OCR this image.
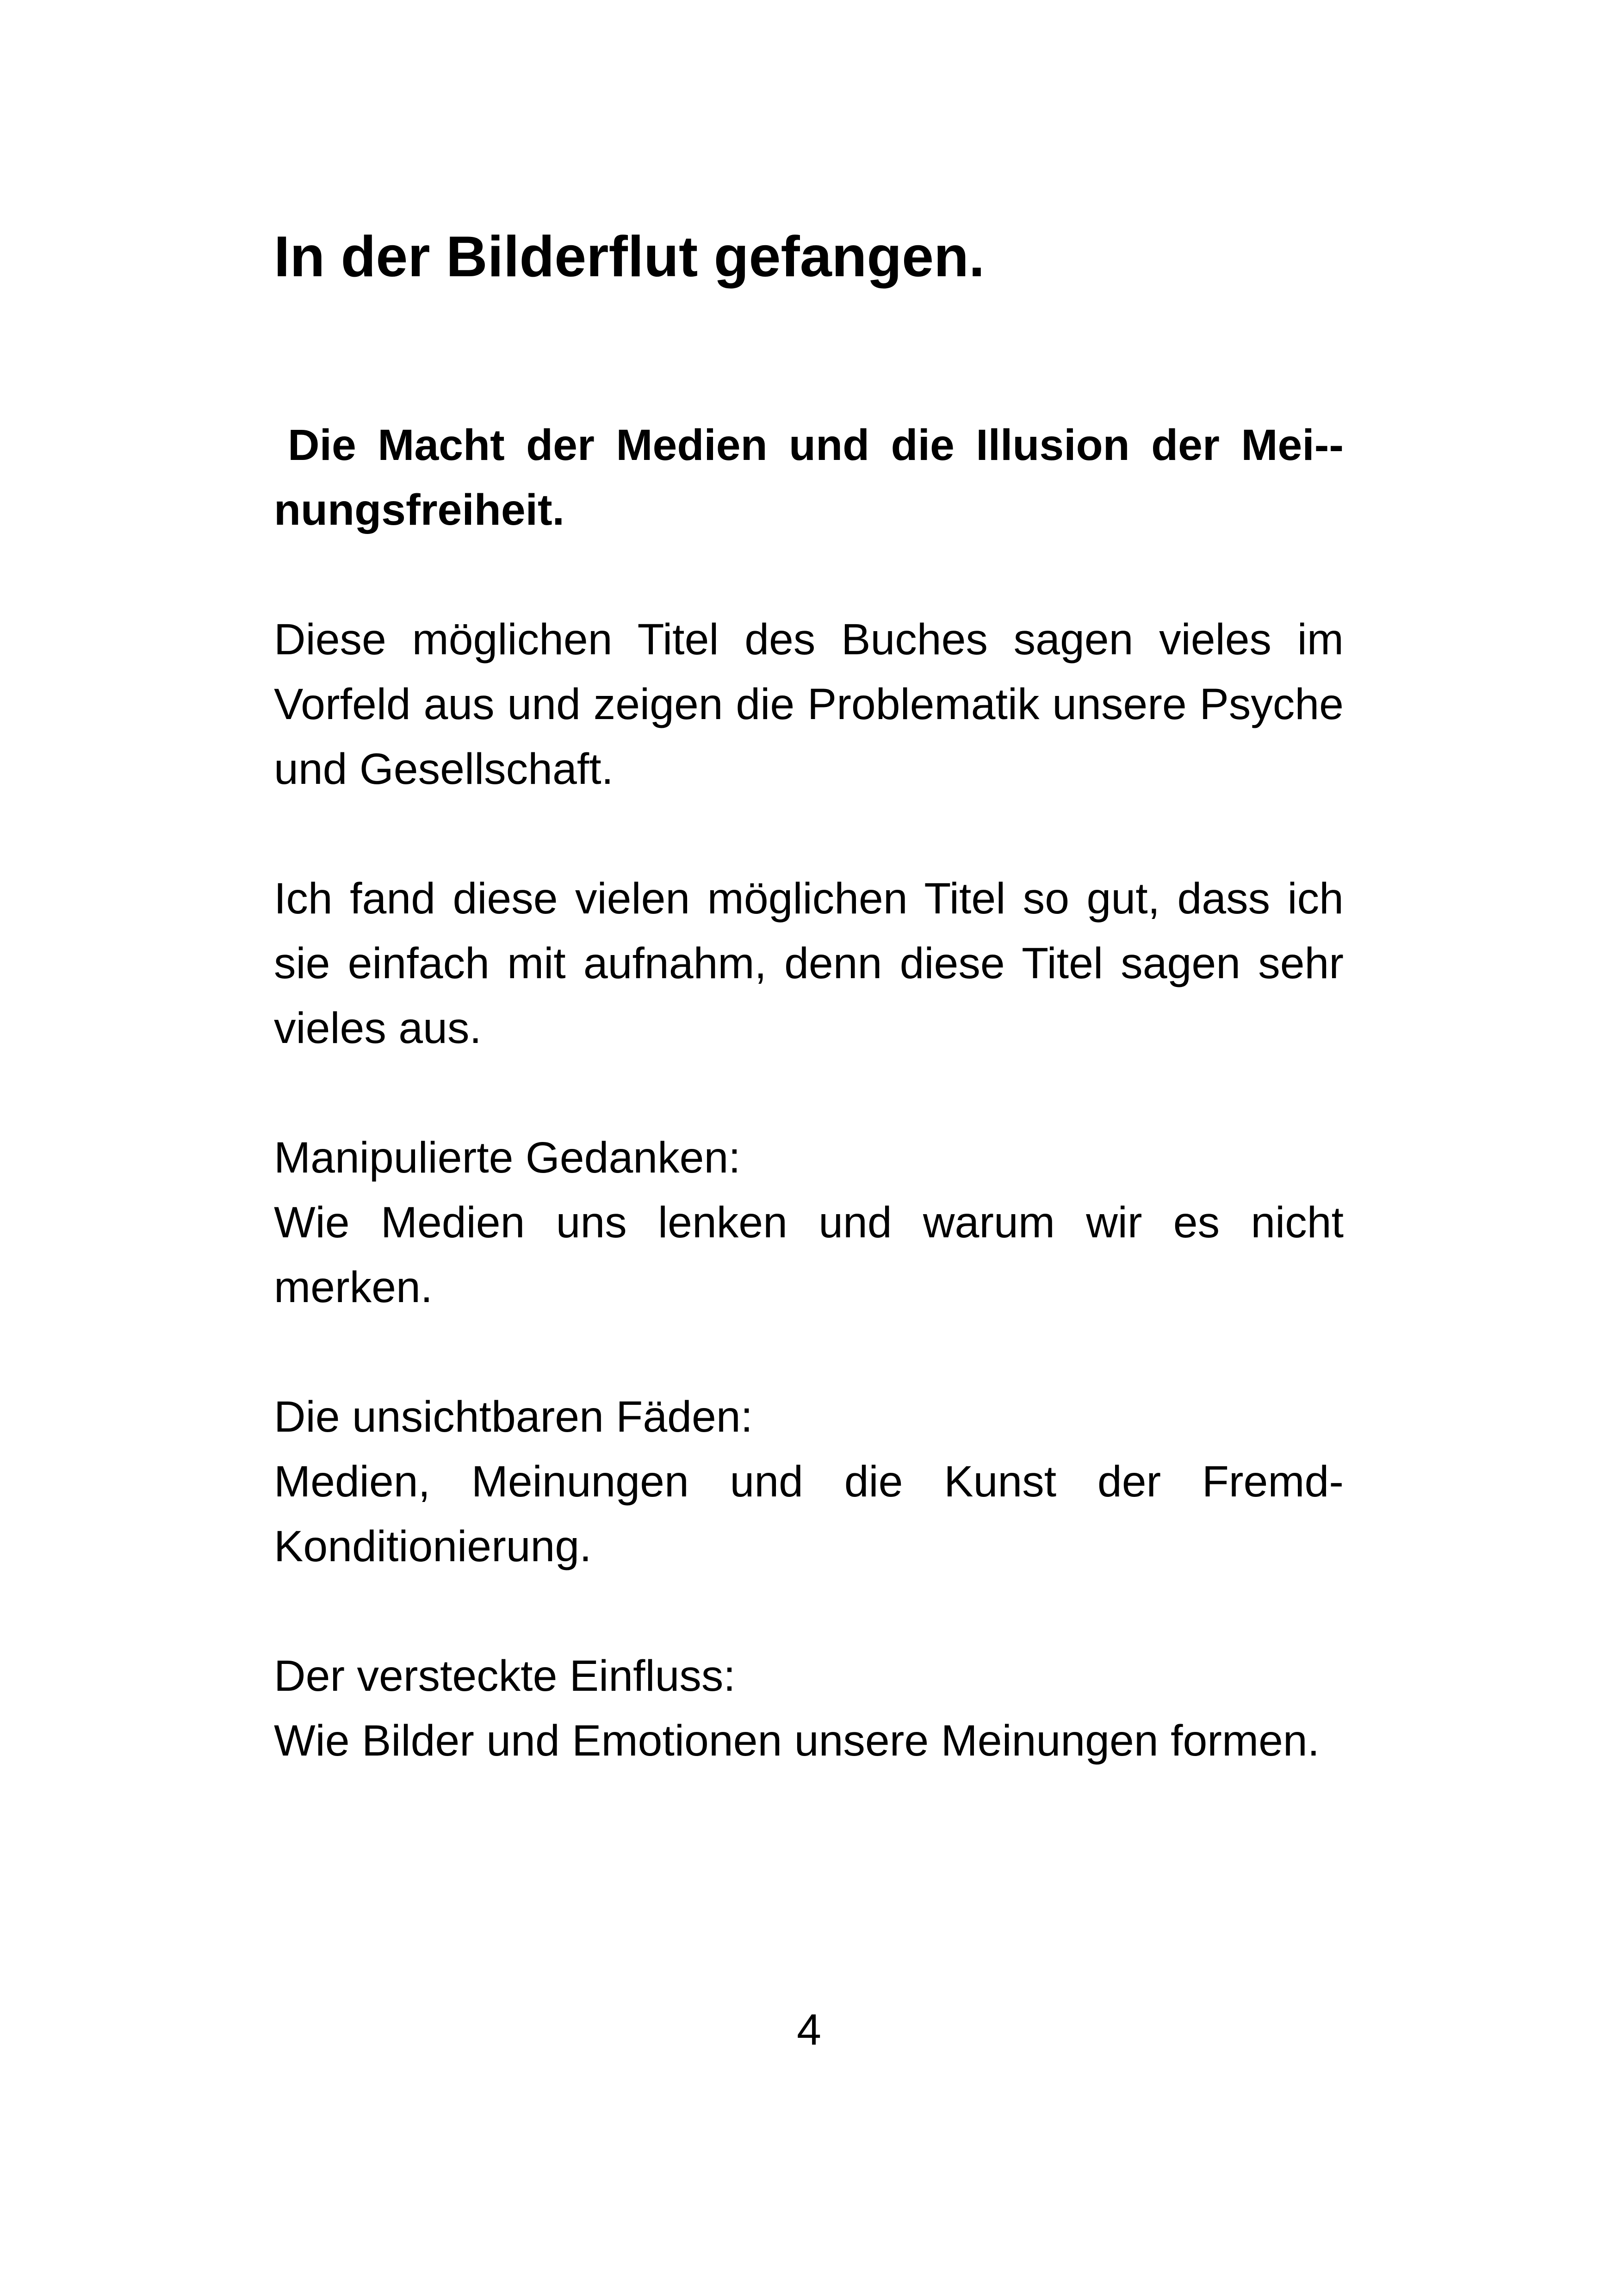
In der Bilderflut gefangen.

Die Macht der Medien und die Illusion der Mei-nungsfreiheit.

Diese möglichen Titel des Buches sagen vieles im Vorfeld aus und zeigen die Problematik unsere Psyche und Gesellschaft.

Ich fand diese vielen möglichen Titel so gut, dass ich sie einfach mit aufnahm, denn diese Titel sagen sehr vieles aus.

Manipulierte Gedanken:

Wie Medien uns lenken und warum wir es nicht merken.

Die unsichtbaren Fäden:

Medien, Meinungen und die Kunst der Fremd-Konditionierung.

Der versteckte Einfluss:

Wie Bilder und Emotionen unsere Meinungen formen.

4
